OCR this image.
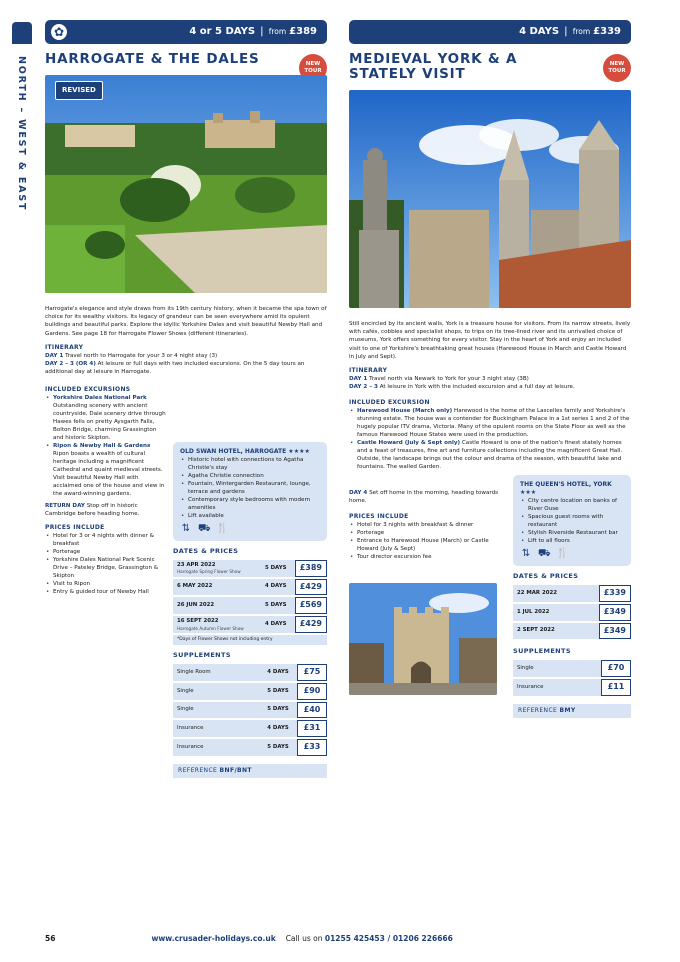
NORTH – WEST & EAST
✿	4 or 5 DAYS | from £389
HARROGATE & THE DALES	NEW TOUR
REVISED
Harrogate's elegance and style draws from its 19th century history, when it became the spa town of choice for its wealthy visitors. Its legacy of grandeur can be seen everywhere amid its opulent buildings and beautiful parks. Explore the idyllic Yorkshire Dales and visit beautiful Newby Hall and Gardens. See page 18 for Harrogate Flower Shows (different itineraries).
ITINERARY
DAY 1 Travel north to Harrogate for your 3 or 4 night stay (3)
DAY 2 – 3 (OR 4) At leisure or full days with two included excursions. On the 5 day tours an additional day at leisure in Harrogate.
INCLUDED EXCURSIONS
• Yorkshire Dales National Park Outstanding scenery with ancient countryside, Dale scenery drive through Hawes fells on pretty Aysgarth Falls, Bolton Bridge, charming Grassington and historic Skipton.
• Ripon & Newby Hall & Gardens Ripon boasts a wealth of cultural heritage including a magnificent Cathedral and quaint medieval streets. Visit beautiful Newby Hall with acclaimed one of the house and view in the award-winning gardens.
RETURN DAY Stop off in historic Cambridge before heading home.
PRICES INCLUDE
• Hotel for 3 or 4 nights with dinner & breakfast
• Porterage
• Yorkshire Dales National Park Scenic Drive – Pateley Bridge, Grassington & Skipton
• Visit to Ripon
• Entry & guided tour of Newby Hall
OLD SWAN HOTEL, HARROGATE ★★★★
• Historic hotel with connections to Agatha Christie's stay
• Agatha Christie connection
• Fountain, Wintergarden Restaurant, lounge, terrace and gardens
• Contemporary style bedrooms with modern amenities
• Lift available
⇅ ⛟ 🍴
DATES & PRICES
23 APR 2022
Harrogate Spring Flower Show	5 DAYS	£389
6 MAY 2022	4 DAYS	£429
26 JUN 2022	5 DAYS	£569
16 SEPT 2022
Harrogate Autumn Flower Show	4 DAYS	£429
*Days of Flower Shows not including entry
SUPPLEMENTS
Single Room	4 DAYS	£75
Single	5 DAYS	£90
Single	5 DAYS	£40
Insurance	4 DAYS	£31
Insurance	5 DAYS	£33
REFERENCE BNF/BNT
4 DAYS | from £339
MEDIEVAL YORK & A STATELY VISIT
NEW TOUR
Still encircled by its ancient walls, York is a treasure house for visitors. From its narrow streets, lively with cafés, cobbles and specialist shops, to trips on its tree-lined river and its unrivalled choice of museums, York offers something for every visitor. Stay in the heart of York and enjoy an included visit to one of Yorkshire's breathtaking great houses (Harewood House in March and Castle Howard in July and Sept).
ITINERARY
DAY 1 Travel north via Newark to York for your 3 night stay (3B)
DAY 2 – 3 At leisure in York with the included excursion and a full day at leisure.
INCLUDED EXCURSION
• Harewood House (March only) Harewood is the home of the Lascelles family and Yorkshire's stunning estate. The house was a contender for Buckingham Palace in a 1st series 1 and 2 of the hugely popular ITV drama, Victoria. Many of the opulent rooms on the State Floor as well as the famous Harewood House States were used in the production.
• Castle Howard (July & Sept only) Castle Howard is one of the nation's finest stately homes and a feast of treasures, fine art and furniture collections including the magnificent Great Hall. Outside, the landscape brings out the colour and drama of the season, with beautiful lake and fountains. The walled Garden.
DAY 4 Set off home in the morning, heading towards home.
PRICES INCLUDE
• Hotel for 3 nights with breakfast & dinner
• Porterage
• Entrance to Harewood House (March) or Castle Howard (July & Sept)
• Tour director excursion fee
THE QUEEN'S HOTEL, YORK ★★★
• City centre location on banks of River Ouse
• Spacious guest rooms with restaurant
• Stylish Riverside Restaurant bar
• Lift to all floors
⇅ ⛟ 🍴
DATES & PRICES
22 MAR 2022	£339
1 JUL 2022	£349
2 SEPT 2022	£349
SUPPLEMENTS
Single	£70
Insurance	£11
REFERENCE BMY
56	www.crusader-holidays.co.uk Call us on 01255 425453 / 01206 226666
